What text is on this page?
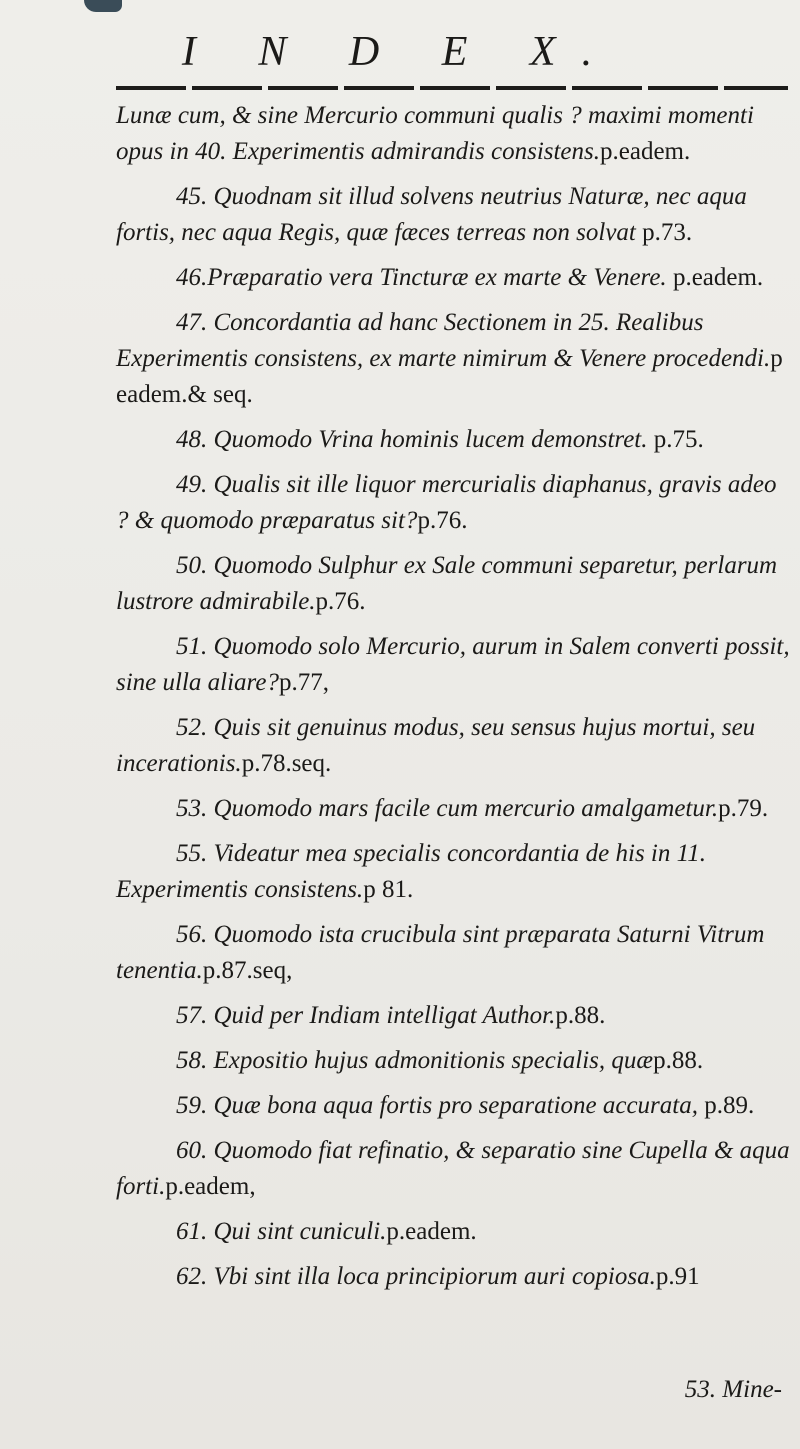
I N D E X.

Lunæ cum, & sine Mercurio communi qualis ? maximi momenti opus in 40. Experimentis admirandis consistens.p.eadem.

45. Quodnam sit illud solvens neutrius Naturæ, nec aqua fortis, nec aqua Regis, quæ fæces terreas non solvat p.73.

46.Præparatio vera Tincturæ ex marte & Venere. p.eadem.

47. Concordantia ad hanc Sectionem in 25. Realibus Experimentis consistens, ex marte nimirum & Venere procedendi.p eadem.& seq.

48. Quomodo Vrina hominis lucem demonstret. p.75.

49. Qualis sit ille liquor mercurialis diaphanus, gravis adeo ? & quomodo præparatus sit?p.76.

50. Quomodo Sulphur ex Sale communi separetur, perlarum lustrore admirabile.p.76.

51. Quomodo solo Mercurio, aurum in Salem converti possit, sine ulla aliare?p.77,

52. Quis sit genuinus modus, seu sensus hujus mortui, seu incerationis.p.78.seq.

53. Quomodo mars facile cum mercurio amalgametur.p.79.

55. Videatur mea specialis concordantia de his in 11. Experimentis consistens.p 81.

56. Quomodo ista crucibula sint præparata Saturni Vitrum tenentia.p.87.seq,

57. Quid per Indiam intelligat Author.p.88.

58. Expositio hujus admonitionis specialis, quæp.88.

59. Quæ bona aqua fortis pro separatione accurata, p.89.

60. Quomodo fiat refinatio, & separatio sine Cupella & aqua forti.p.eadem,

61. Qui sint cuniculi.p.eadem.

62. Vbi sint illa loca principiorum auri copiosa.p.91

53. Mine-
